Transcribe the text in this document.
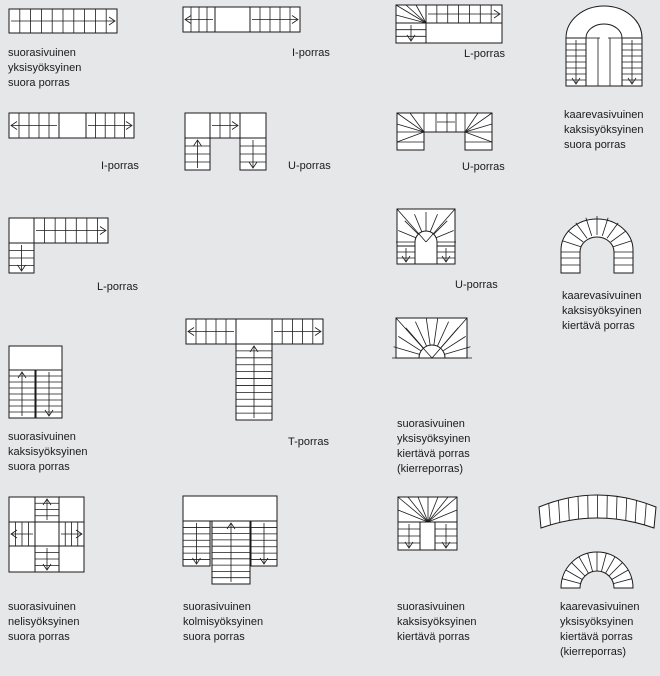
suorasivuinen
yksisyöksyinen
suora porras
I-porras	L-porras
kaarevasivuinen
kaksisyöksyinen
suora porras
I-porras	U-porras	U-porras
L-porras	U-porras
kaarevasivuinen
kaksisyöksyinen
kiertävä porras
suorasivuinen
kaksisyöksyinen
suora porras
T-porras
suorasivuinen
yksisyöksyinen
kiertävä porras
(kierreporras)
suorasivuinen
nelisyöksyinen
suora porras
suorasivuinen
kolmisyöksyinen
suora porras
suorasivuinen
kaksisyöksyinen
kiertävä porras
kaarevasivuinen
yksisyöksyinen
kiertävä porras
(kierreporras)
